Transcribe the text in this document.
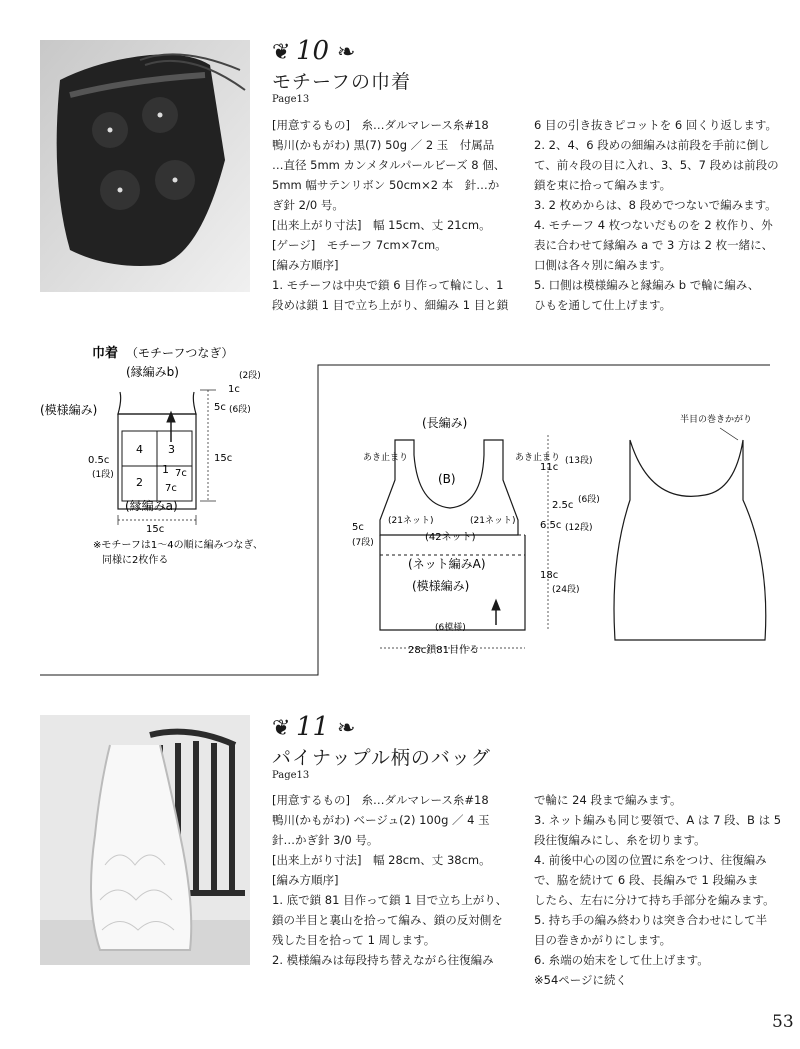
❦ 10 ❧
モチーフの巾着
Page13

[用意するもの]　糸…ダルマレース糸#18

鴨川(かもがわ) 黒(7) 50g ／ 2 玉　付属品

…直径 5mm カンメタルパールビーズ 8 個、

5mm 幅サテンリボン 50cm×2 本　針…か

ぎ針 2/0 号。

[出来上がり寸法]　幅 15cm、丈 21cm。

[ゲージ]　モチーフ 7cm×7cm。

[編み方順序]

1. モチーフは中央で鎖 6 目作って輪にし、1

段めは鎖 1 目で立ち上がり、細編み 1 目と鎖

6 目の引き抜きピコットを 6 回くり返します。

2. 2、4、6 段めの細編みは前段を手前に倒し

て、前々段の目に入れ、3、5、7 段めは前段の

鎖を束に拾って編みます。

3. 2 枚めからは、8 段めでつないで編みます。

4. モチーフ 4 枚つないだものを 2 枚作り、外

表に合わせて縁編み a で 3 方は 2 枚一緒に、

口側は各々別に編みます。

5. 口側は模様編みと縁編み b で輪に編み、

ひもを通して仕上げます。

巾着 （モチーフつなぎ）
(縁編みb)
(模様編み)
(縁編みa)
1c
(2段)
5c (6段)
15c
0.5c
(1段)	7c
7c
15c
4 3
2
1
※モチーフは1～4の順に編みつなぎ、
同様に2枚作る
(長編み)
あき止まり	あき止まり
(B)
(21ネット)	(21ネット)
(42ネット)
(ネット編みA)
(模様編み)
(6模様)
28c鎖81目作る
5c
(7段)
11c
(13段)
2.5c (6段)
6.5c (12段)
18c
(24段)
半目の巻きかがり
❦ 11 ❧
パイナップル柄のバッグ
Page13

[用意するもの]　糸…ダルマレース糸#18

鴨川(かもがわ) ベージュ(2) 100g ／ 4 玉

針…かぎ針 3/0 号。

[出来上がり寸法]　幅 28cm、丈 38cm。

[編み方順序]

1. 底で鎖 81 目作って鎖 1 目で立ち上がり、

鎖の半目と裏山を拾って編み、鎖の反対側を

残した目を拾って 1 周します。

2. 模様編みは毎段持ち替えながら往復編み

で輪に 24 段まで編みます。

3. ネット編みも同じ要領で、A は 7 段、B は 5

段往復編みにし、糸を切ります。

4. 前後中心の図の位置に糸をつけ、往復編み

で、脇を続けて 6 段、長編みで 1 段編みま

したら、左右に分けて持ち手部分を編みます。

5. 持ち手の編み終わりは突き合わせにして半

目の巻きかがりにします。

6. 糸端の始末をして仕上げます。

※54ページに続く

53
